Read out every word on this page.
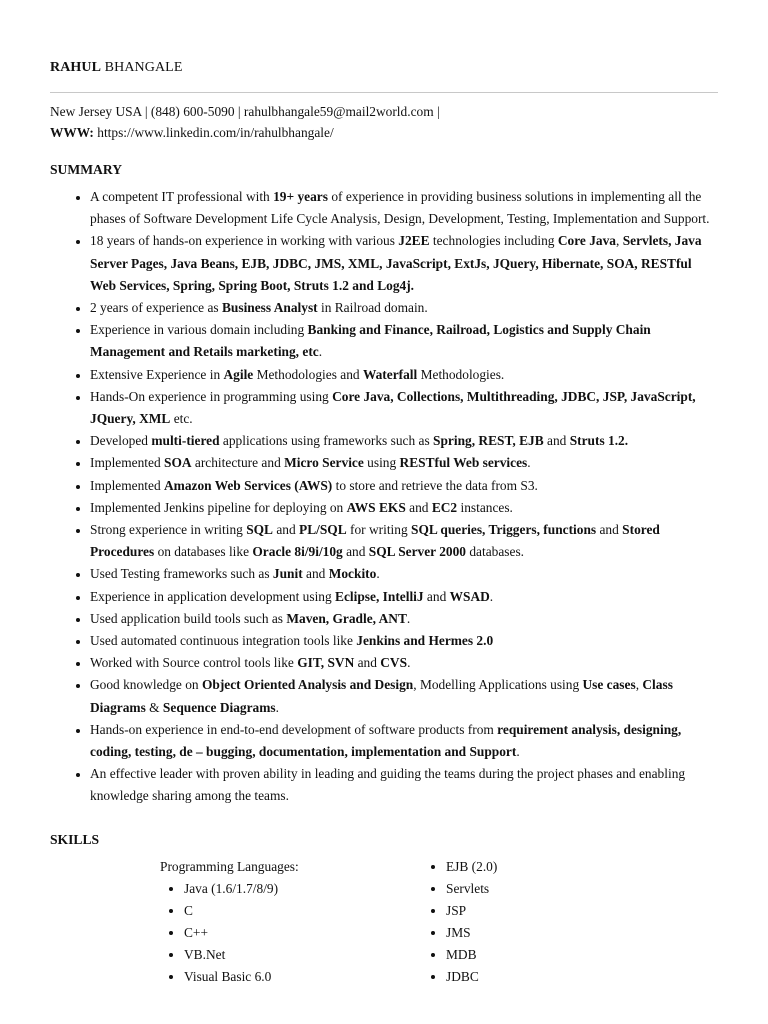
RAHUL BHANGALE
New Jersey USA | (848) 600-5090 | rahulbhangale59@mail2world.com |
WWW: https://www.linkedin.com/in/rahulbhangale/
SUMMARY
• A competent IT professional with 19+ years of experience in providing business solutions in implementing all the phases of Software Development Life Cycle Analysis, Design, Development, Testing, Implementation and Support.
• 18 years of hands-on experience in working with various J2EE technologies including Core Java, Servlets, Java Server Pages, Java Beans, EJB, JDBC, JMS, XML, JavaScript, ExtJs, JQuery, Hibernate, SOA, RESTful Web Services, Spring, Spring Boot, Struts 1.2 and Log4j.
• 2 years of experience as Business Analyst in Railroad domain.
• Experience in various domain including Banking and Finance, Railroad, Logistics and Supply Chain Management and Retails marketing, etc.
• Extensive Experience in Agile Methodologies and Waterfall Methodologies.
• Hands-On experience in programming using Core Java, Collections, Multithreading, JDBC, JSP, JavaScript, JQuery, XML etc.
• Developed multi-tiered applications using frameworks such as Spring, REST, EJB and Struts 1.2.
• Implemented SOA architecture and Micro Service using RESTful Web services.
• Implemented Amazon Web Services (AWS) to store and retrieve the data from S3.
• Implemented Jenkins pipeline for deploying on AWS EKS and EC2 instances.
• Strong experience in writing SQL and PL/SQL for writing SQL queries, Triggers, functions and Stored Procedures on databases like Oracle 8i/9i/10g and SQL Server 2000 databases.
• Used Testing frameworks such as Junit and Mockito.
• Experience in application development using Eclipse, IntelliJ and WSAD.
• Used application build tools such as Maven, Gradle, ANT.
• Used automated continuous integration tools like Jenkins and Hermes 2.0
• Worked with Source control tools like GIT, SVN and CVS.
• Good knowledge on Object Oriented Analysis and Design, Modelling Applications using Use cases, Class Diagrams & Sequence Diagrams.
• Hands-on experience in end-to-end development of software products from requirement analysis, designing, coding, testing, de – bugging, documentation, implementation and Support.
• An effective leader with proven ability in leading and guiding the teams during the project phases and enabling knowledge sharing among the teams.
SKILLS
Programming Languages:
• Java (1.6/1.7/8/9)
• C
• C++
• VB.Net
• Visual Basic 6.0
• EJB (2.0)
• Servlets
• JSP
• JMS
• MDB
• JDBC
